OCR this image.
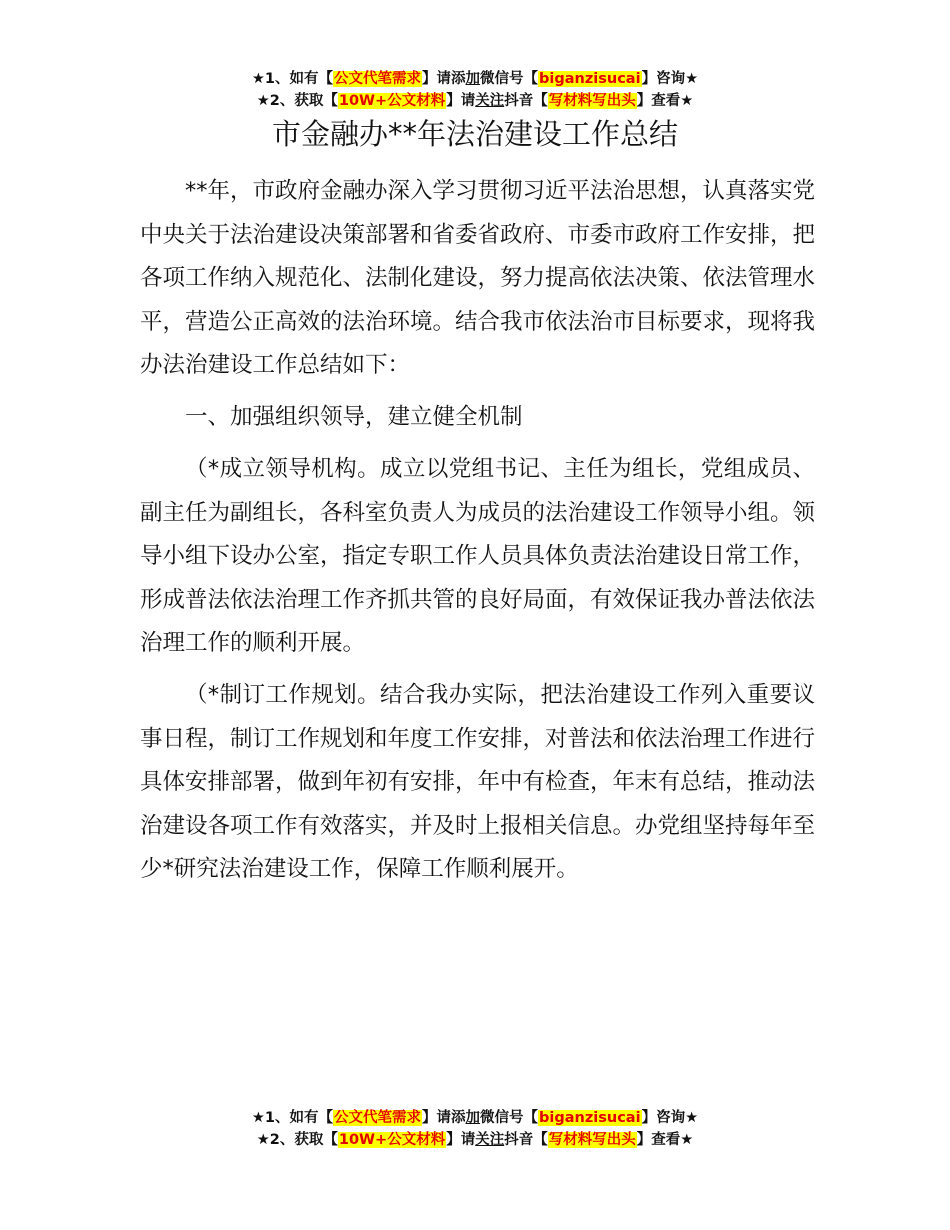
★1、如有【公文代笔需求】请添加微信号【biganzisucai】咨询★
★2、获取【10W+公文材料】请关注抖音【写材料写出头】查看★
市金融办**年法治建设工作总结

**年，市政府金融办深入学习贯彻习近平法治思想，认真落实党中央关于法治建设决策部署和省委省政府、市委市政府工作安排，把各项工作纳入规范化、法制化建设，努力提高依法决策、依法管理水平，营造公正高效的法治环境。结合我市依法治市目标要求，现将我办法治建设工作总结如下：

一、加强组织领导，建立健全机制

（*成立领导机构。成立以党组书记、主任为组长，党组成员、副主任为副组长，各科室负责人为成员的法治建设工作领导小组。领导小组下设办公室，指定专职工作人员具体负责法治建设日常工作，形成普法依法治理工作齐抓共管的良好局面，有效保证我办普法依法治理工作的顺利开展。

（*制订工作规划。结合我办实际，把法治建设工作列入重要议事日程，制订工作规划和年度工作安排，对普法和依法治理工作进行具体安排部署，做到年初有安排，年中有检查，年末有总结，推动法治建设各项工作有效落实，并及时上报相关信息。办党组坚持每年至少*研究法治建设工作，保障工作顺利展开。

★1、如有【公文代笔需求】请添加微信号【biganzisucai】咨询★
★2、获取【10W+公文材料】请关注抖音【写材料写出头】查看★
